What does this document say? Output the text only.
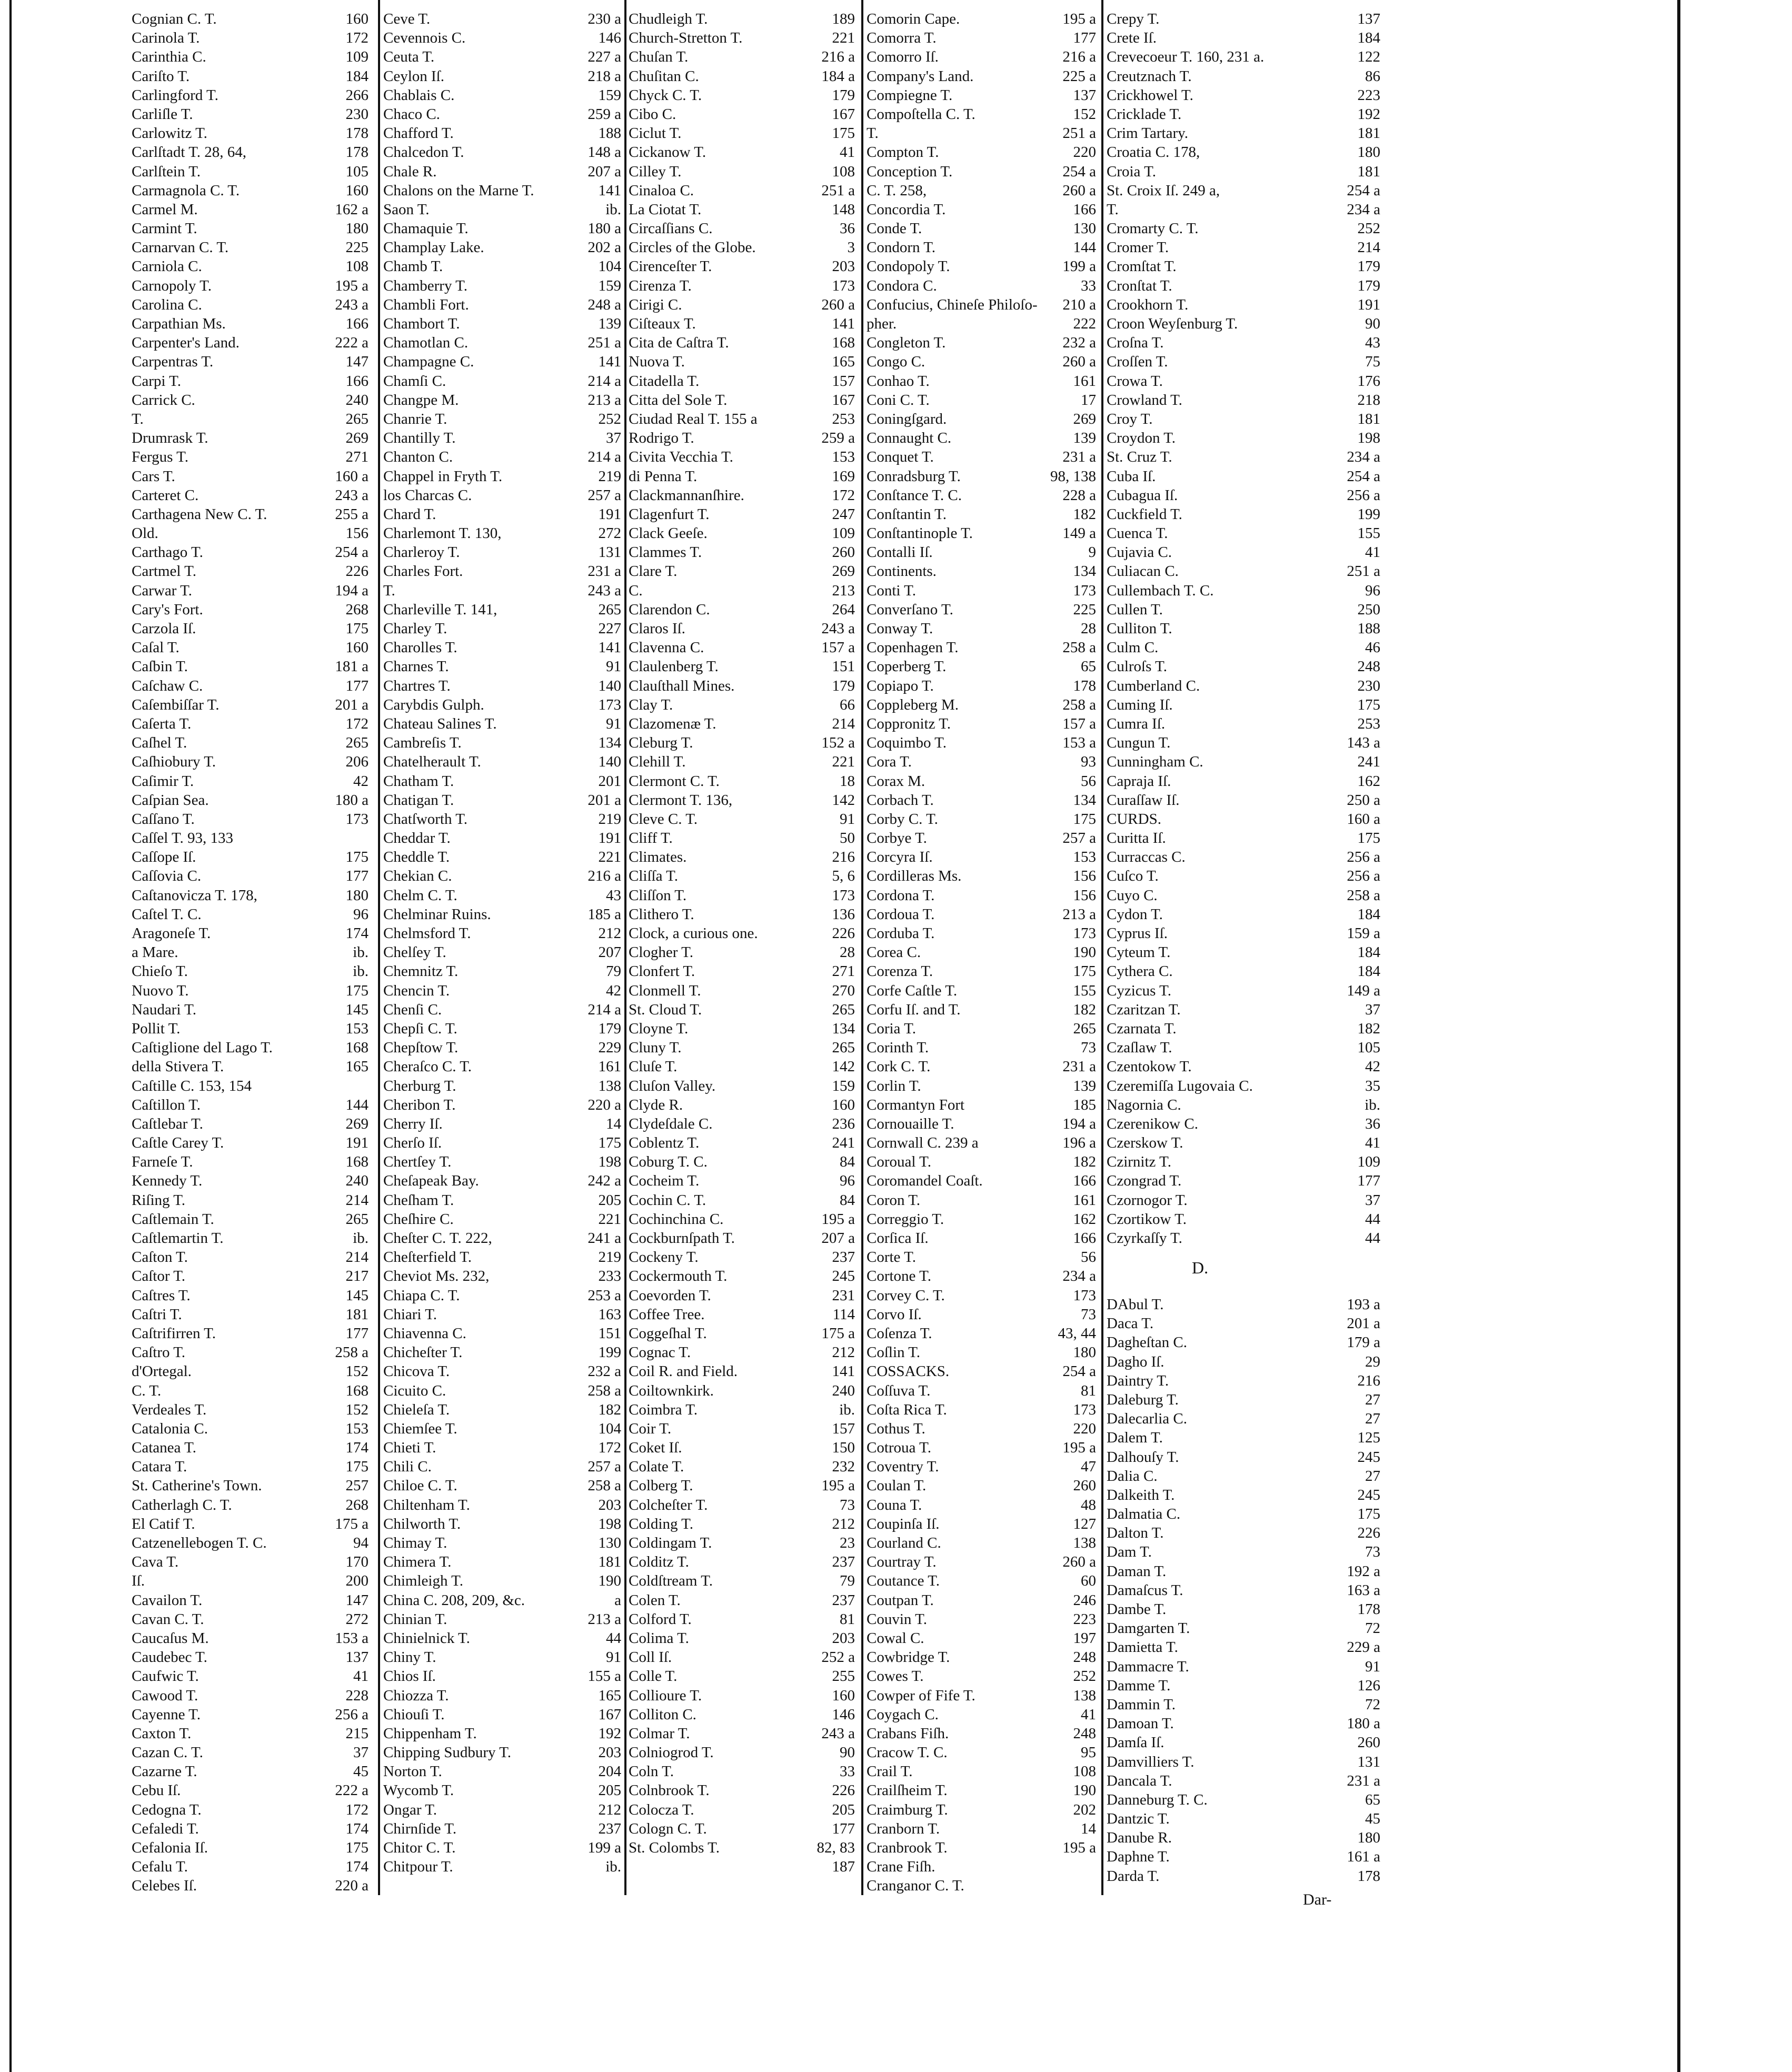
Cognian C. T.	160
Carinola T.	172
Carinthia C.	109
Cariſto T.	184
Carlingford T.	266
Carliſle T.	230
Carlowitz T.	178
Carlſtadt T. 28, 64,	178
Carlſtein T.	105
Carmagnola C. T.	160
Carmel M.	162 a
Carmint T.	180
Carnarvan C. T.	225
Carniola C.	108
Carnopoly T.	195 a
Carolina C.	243 a
Carpathian Ms.	166
Carpenter's Land.	222 a
Carpentras T.	147
Carpi T.	166
Carrick C.	240
T.	265
Drumrask T.	269
Fergus T.	271
Cars T.	160 a
Carteret C.	243 a
Carthagena New C. T.	255 a
Old.	156
Carthago T.	254 a
Cartmel T.	226
Carwar T.	194 a
Cary's Fort.	268
Carzola Iſ.	175
Caſal T.	160
Caſbin T.	181 a
Caſchaw C.	177
Caſembiſſar T.	201 a
Caſerta T.	172
Caſhel T.	265
Caſhiobury T.	206
Caſimir T.	42
Caſpian Sea.	180 a
Caſſano T.	173
Caſſel T. 93, 133
Caſſope Iſ.	175
Caſſovia C.	177
Caſtanovicza T. 178,	180
Caſtel T. C.	96
Aragoneſe T.	174
a Mare.	ib.
Chieſo T.	ib.
Nuovo T.	175
Naudari T.	145
Pollit T.	153
Caſtiglione del Lago T.	168
della Stivera T.	165
Caſtille C. 153, 154
Caſtillon T.	144
Caſtlebar T.	269
Caſtle Carey T.	191
Farneſe T.	168
Kennedy T.	240
Riſing T.	214
Caſtlemain T.	265
Caſtlemartin T.	ib.
Caſton T.	214
Caſtor T.	217
Caſtres T.	145
Caſtri T.	181
Caſtrifirren T.	177
Caſtro T.	258 a
d'Ortegal.	152
C. T.	168
Verdeales T.	152
Catalonia C.	153
Catanea T.	174
Catara T.	175
St. Catherine's Town.	257
Catherlagh C. T.	268
El Catif T.	175 a
Catzenellebogen T. C.	94
Cava T.	170
Iſ.	200
Cavailon T.	147
Cavan C. T.	272
Caucaſus M.	153 a
Caudebec T.	137
Caufwic T.	41
Cawood T.	228
Cayenne T.	256 a
Caxton T.	215
Cazan C. T.	37
Cazarne T.	45
Cebu Iſ.	222 a
Cedogna T.	172
Cefaledi T.	174
Cefalonia Iſ.	175
Cefalu T.	174
Celebes Iſ.	220 a
Ceve T.	230 a
Cevennois C.	146
Ceuta T.	227 a
Ceylon Iſ.	218 a
Chablais C.	159
Chaco C.	259 a
Chafford T.	188
Chalcedon T.	148 a
Chale R.	207 a
Chalons on the Marne T.	141
Saon T.	ib.
Chamaquie T.	180 a
Champlay Lake.	202 a
Chamb T.	104
Chamberry T.	159
Chambli Fort.	248 a
Chambort T.	139
Chamotlan C.	251 a
Champagne C.	141
Chamſi C.	214 a
Changpe M.	213 a
Chanrie T.	252
Chantilly T.	37
Chanton C.	214 a
Chappel in Fryth T.	219
los Charcas C.	257 a
Chard T.	191
Charlemont T. 130,	272
Charleroy T.	131
Charles Fort.	231 a
T.	243 a
Charleville T. 141,	265
Charley T.	227
Charolles T.	141
Charnes T.	91
Chartres T.	140
Carybdis Gulph.	173
Chateau Salines T.	91
Cambreſis T.	134
Chatelherault T.	140
Chatham T.	201
Chatigan T.	201 a
Chatſworth T.	219
Cheddar T.	191
Cheddle T.	221
Chekian C.	216 a
Chelm C. T.	43
Chelminar Ruins.	185 a
Chelmsford T.	212
Chelſey T.	207
Chemnitz T.	79
Chencin T.	42
Chenſi C.	214 a
Chepſi C. T.	179
Chepſtow T.	229
Cheraſco C. T.	161
Cherburg T.	138
Cheribon T.	220 a
Cherry Iſ.	14
Cherſo Iſ.	175
Chertſey T.	198
Cheſapeak Bay.	242 a
Cheſham T.	205
Cheſhire C.	221
Cheſter C. T. 222,	241 a
Cheſterfield T.	219
Cheviot Ms. 232,	233
Chiapa C. T.	253 a
Chiari T.	163
Chiavenna C.	151
Chicheſter T.	199
Chicova T.	232 a
Cicuito C.	258 a
Chieleſa T.	182
Chiemſee T.	104
Chieti T.	172
Chili C.	257 a
Chiloe C. T.	258 a
Chiltenham T.	203
Chilworth T.	198
Chimay T.	130
Chimera T.	181
Chimleigh T.	190
China C. 208, 209, &c.	a
Chinian T.	213 a
Chinielnick T.	44
Chiny T.	91
Chios Iſ.	155 a
Chiozza T.	165
Chiouſi T.	167
Chippenham T.	192
Chipping Sudbury T.	203
Norton T.	204
Wycomb T.	205
Ongar T.	212
Chirnſide T.	237
Chitor C. T.	199 a
Chitpour T.	ib.
Chudleigh T.	189
Church-Stretton T.	221
Chuſan T.	216 a
Chuſitan C.	184 a
Chyck C. T.	179
Cibo C.	167
Ciclut T.	175
Cickanow T.	41
Cilley T.	108
Cinaloa C.	251 a
La Ciotat T.	148
Circaſſians C.	36
Circles of the Globe.	3
Cirenceſter T.	203
Cirenza T.	173
Cirigi C.	260 a
Ciſteaux T.	141
Cita de Caſtra T.	168
Nuova T.	165
Citadella T.	157
Citta del Sole T.	167
Ciudad Real T. 155 a	253
Rodrigo T.	259 a
Civita Vecchia T.	153
di Penna T.	169
Clackmannanſhire.	172
Clagenfurt T.	247
Clack Geeſe.	109
Clammes T.	260
Clare T.	269
C.	213
Clarendon C.	264
Claros Iſ.	243 a
Clavenna C.	157 a
Claulenberg T.	151
Clauſthall Mines.	179
Clay T.	66
Clazomenæ T.	214
Cleburg T.	152 a
Clehill T.	221
Clermont C. T.	18
Clermont T. 136,	142
Cleve C. T.	91
Cliff T.	50
Climates.	216
Cliſſa T.	5, 6
Cliſſon T.	173
Clithero T.	136
Clock, a curious one.	226
Clogher T.	28
Clonfert T.	271
Clonmell T.	270
St. Cloud T.	265
Cloyne T.	134
Cluny T.	265
Cluſe T.	142
Cluſon Valley.	159
Clyde R.	160
Clydeſdale C.	236
Coblentz T.	241
Coburg T. C.	84
Cocheim T.	96
Cochin C. T.	84
Cochinchina C.	195 a
Cockburnſpath T.	207 a
Cockeny T.	237
Cockermouth T.	245
Coevorden T.	231
Coffee Tree.	114
Coggeſhal T.	175 a
Cognac T.	212
Coil R. and Field.	141
Coiltownkirk.	240
Coimbra T.	ib.
Coir T.	157
Coket Iſ.	150
Colate T.	232
Colberg T.	195 a
Colcheſter T.	73
Colding T.	212
Coldingam T.	23
Colditz T.	237
Coldſtream T.	79
Colen T.	237
Colford T.	81
Colima T.	203
Coll Iſ.	252 a
Colle T.	255
Collioure T.	160
Colliton C.	146
Colmar T.	243 a
Colniogrod T.	90
Coln T.	33
Colnbrook T.	226
Colocza T.	205
Cologn C. T.	177
St. Colombs T.	82, 83
187
Comorin Cape.	195 a
Comorra T.	177
Comorro Iſ.	216 a
Company's Land.	225 a
Compiegne T.	137
Compoſtella C. T.	152
T.	251 a
Compton T.	220
Conception T.	254 a
C. T. 258,	260 a
Concordia T.	166
Conde T.	130
Condorn T.	144
Condopoly T.	199 a
Condora C.	33
Confucius, Chineſe Philoſo- 210 a
pher.	222
Congleton T.	232 a
Congo C.	260 a
Conhao T.	161
Coni C. T.	17
Coningſgard.	269
Connaught C.	139
Conquet T.	231 a
Conradsburg T.	98, 138
Conſtance T. C.	228 a
Conſtantin T.	182
Conſtantinople T.	149 a
Contalli Iſ.	9
Continents.	134
Conti T.	173
Converſano T.	225
Conway T.	28
Copenhagen T.	258 a
Coperberg T.	65
Copiapo T.	178
Coppleberg M.	258 a
Coppronitz T.	157 a
Coquimbo T.	153 a
Cora T.	93
Corax M.	56
Corbach T.	134
Corby C. T.	175
Corbye T.	257 a
Corcyra Iſ.	153
Cordilleras Ms.	156
Cordona T.	156
Cordoua T.	213 a
Corduba T.	173
Corea C.	190
Corenza T.	175
Corfe Caſtle T.	155
Corfu Iſ. and T.	182
Coria T.	265
Corinth T.	73
Cork C. T.	231 a
Corlin T.	139
Cormantyn Fort	185
Cornouaille T.	194 a
Cornwall C. 239 a	196 a
Coroual T.	182
Coromandel Coaſt.	166
Coron T.	161
Correggio T.	162
Corſica Iſ.	166
Corte T.	56
Cortone T.	234 a
Corvey C. T.	173
Corvo Iſ.	73
Coſenza T.	43, 44
Coſlin T.	180
COSSACKS.	254 a
Coſſuva T.	81
Coſta Rica T.	173
Cothus T.	220
Cotroua T.	195 a
Coventry T.	47
Coulan T.	260
Couna T.	48
Coupinſa Iſ.	127
Courland C.	138
Courtray T.	260 a
Coutance T.	60
Coutpan T.	246
Couvin T.	223
Cowal C.	197
Cowbridge T.	248
Cowes T.	252
Cowper of Fife T.	138
Coygach C.	41
Crabans Fiſh.	248
Cracow T. C.	95
Crail T.	108
Crailſheim T.	190
Craimburg T.	202
Cranborn T.	14
Cranbrook T.	195 a
Crane Fiſh.
Cranganor C. T.
Crepy T.	137
Crete Iſ.	184
Crevecoeur T. 160, 231 a.	122
Creutznach T.	86
Crickhowel T.	223
Cricklade T.	192
Crim Tartary.	181
Croatia C. 178,	180
Croia T.	181
St. Croix Iſ. 249 a,	254 a
T.	234 a
Cromarty C. T.	252
Cromer T.	214
Cromſtat T.	179
Cronſtat T.	179
Crookhorn T.	191
Croon Weyſenburg T.	90
Croſna T.	43
Croſſen T.	75
Crowa T.	176
Crowland T.	218
Croy T.	181
Croydon T.	198
St. Cruz T.	234 a
Cuba Iſ.	254 a
Cubagua Iſ.	256 a
Cuckfield T.	199
Cuenca T.	155
Cujavia C.	41
Culiacan C.	251 a
Cullembach T. C.	96
Cullen T.	250
Culliton T.	188
Culm C.	46
Culroſs T.	248
Cumberland C.	230
Cuming Iſ.	175
Cumra Iſ.	253
Cungun T.	143 a
Cunningham C.	241
Capraja Iſ.	162
Curaſſaw Iſ.	250 a
CURDS.	160 a
Curitta Iſ.	175
Curraccas C.	256 a
Cuſco T.	256 a
Cuyo C.	258 a
Cydon T.	184
Cyprus Iſ.	159 a
Cyteum T.	184
Cythera C.	184
Cyzicus T.	149 a
Czaritzan T.	37
Czarnata T.	182
Czaſlaw T.	105
Czentokow T.	42
Czeremiſſa Lugovaia C.	35
Nagornia C.	ib.
Czerenikow C.	36
Czerskow T.	41
Czirnitz T.	109
Czongrad T.	177
Czornogor T.	37
Czortikow T.	44
Czyrkaſſy T.	44
DAbul T.	193 a
Daca T.	201 a
Dagheſtan C.	179 a
Dagho Iſ.	29
Daintry T.	216
Daleburg T.	27
Dalecarlia C.	27
Dalem T.	125
Dalhouſy T.	245
Dalia C.	27
Dalkeith T.	245
Dalmatia C.	175
Dalton T.	226
Dam T.	73
Daman T.	192 a
Damaſcus T.	163 a
Dambe T.	178
Damgarten T.	72
Damietta T.	229 a
Dammacre T.	91
Damme T.	126
Dammin T.	72
Damoan T.	180 a
Damſa Iſ.	260
Damvilliers T.	131
Dancala T.	231 a
Danneburg T. C.	65
Dantzic T.	45
Danube R.	180
Daphne T.	161 a
Darda T.	178
D.
Dar-
